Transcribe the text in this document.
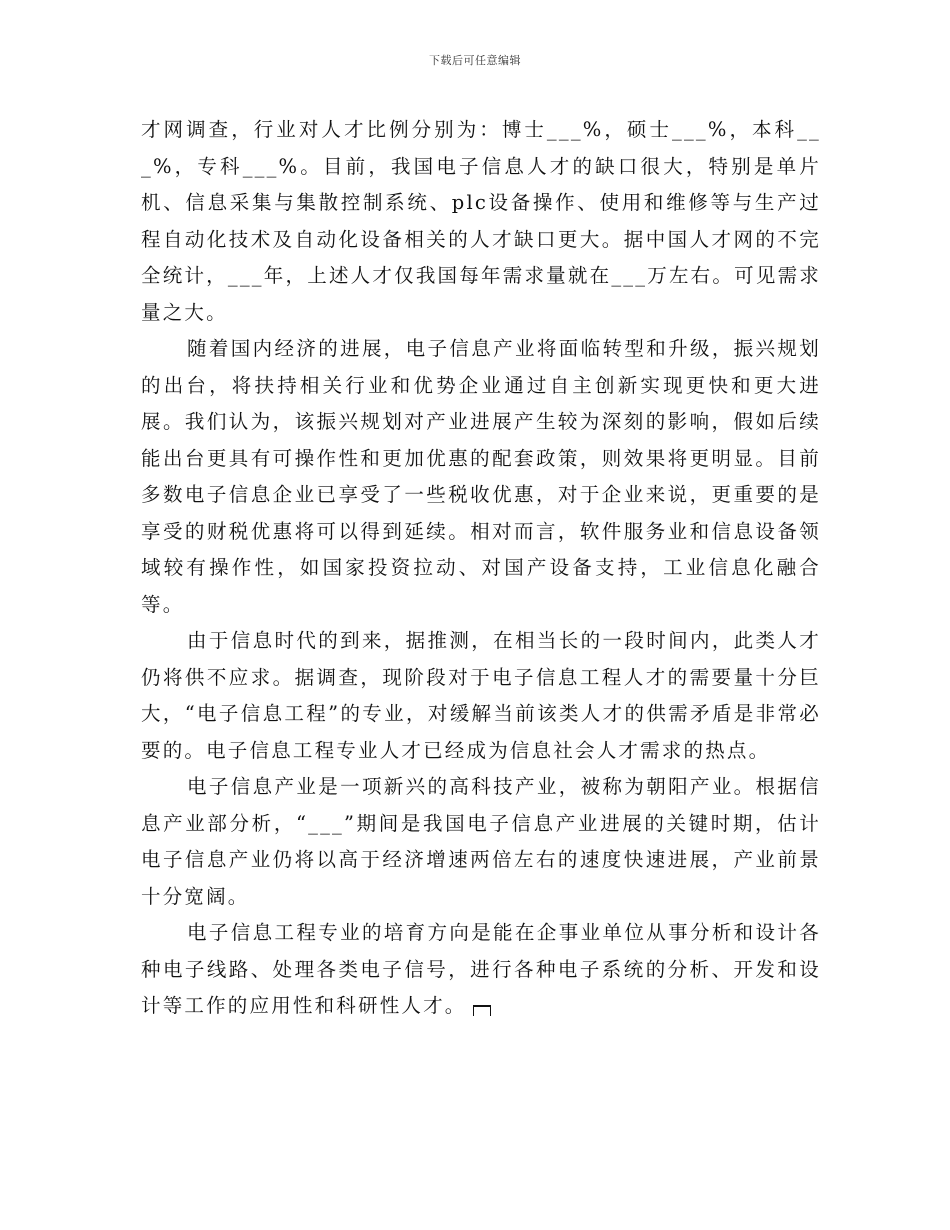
下载后可任意编辑

才网调查，行业对人才比例分别为：博士___%，硕士___%，本科___%，专科___%。目前，我国电子信息人才的缺口很大，特别是单片机、信息采集与集散控制系统、plc设备操作、使用和维修等与生产过程自动化技术及自动化设备相关的人才缺口更大。据中国人才网的不完全统计，___年，上述人才仅我国每年需求量就在___万左右。可见需求量之大。

随着国内经济的进展，电子信息产业将面临转型和升级，振兴规划的出台，将扶持相关行业和优势企业通过自主创新实现更快和更大进展。我们认为，该振兴规划对产业进展产生较为深刻的影响，假如后续能出台更具有可操作性和更加优惠的配套政策，则效果将更明显。目前多数电子信息企业已享受了一些税收优惠，对于企业来说，更重要的是享受的财税优惠将可以得到延续。相对而言，软件服务业和信息设备领域较有操作性，如国家投资拉动、对国产设备支持，工业信息化融合等。

由于信息时代的到来，据推测，在相当长的一段时间内，此类人才仍将供不应求。据调查，现阶段对于电子信息工程人才的需要量十分巨大，“电子信息工程”的专业，对缓解当前该类人才的供需矛盾是非常必要的。电子信息工程专业人才已经成为信息社会人才需求的热点。

电子信息产业是一项新兴的高科技产业，被称为朝阳产业。根据信息产业部分析，“___”期间是我国电子信息产业进展的关键时期，估计电子信息产业仍将以高于经济增速两倍左右的速度快速进展，产业前景十分宽阔。

电子信息工程专业的培育方向是能在企事业单位从事分析和设计各种电子线路、处理各类电子信号，进行各种电子系统的分析、开发和设计等工作的应用性和科研性人才。
